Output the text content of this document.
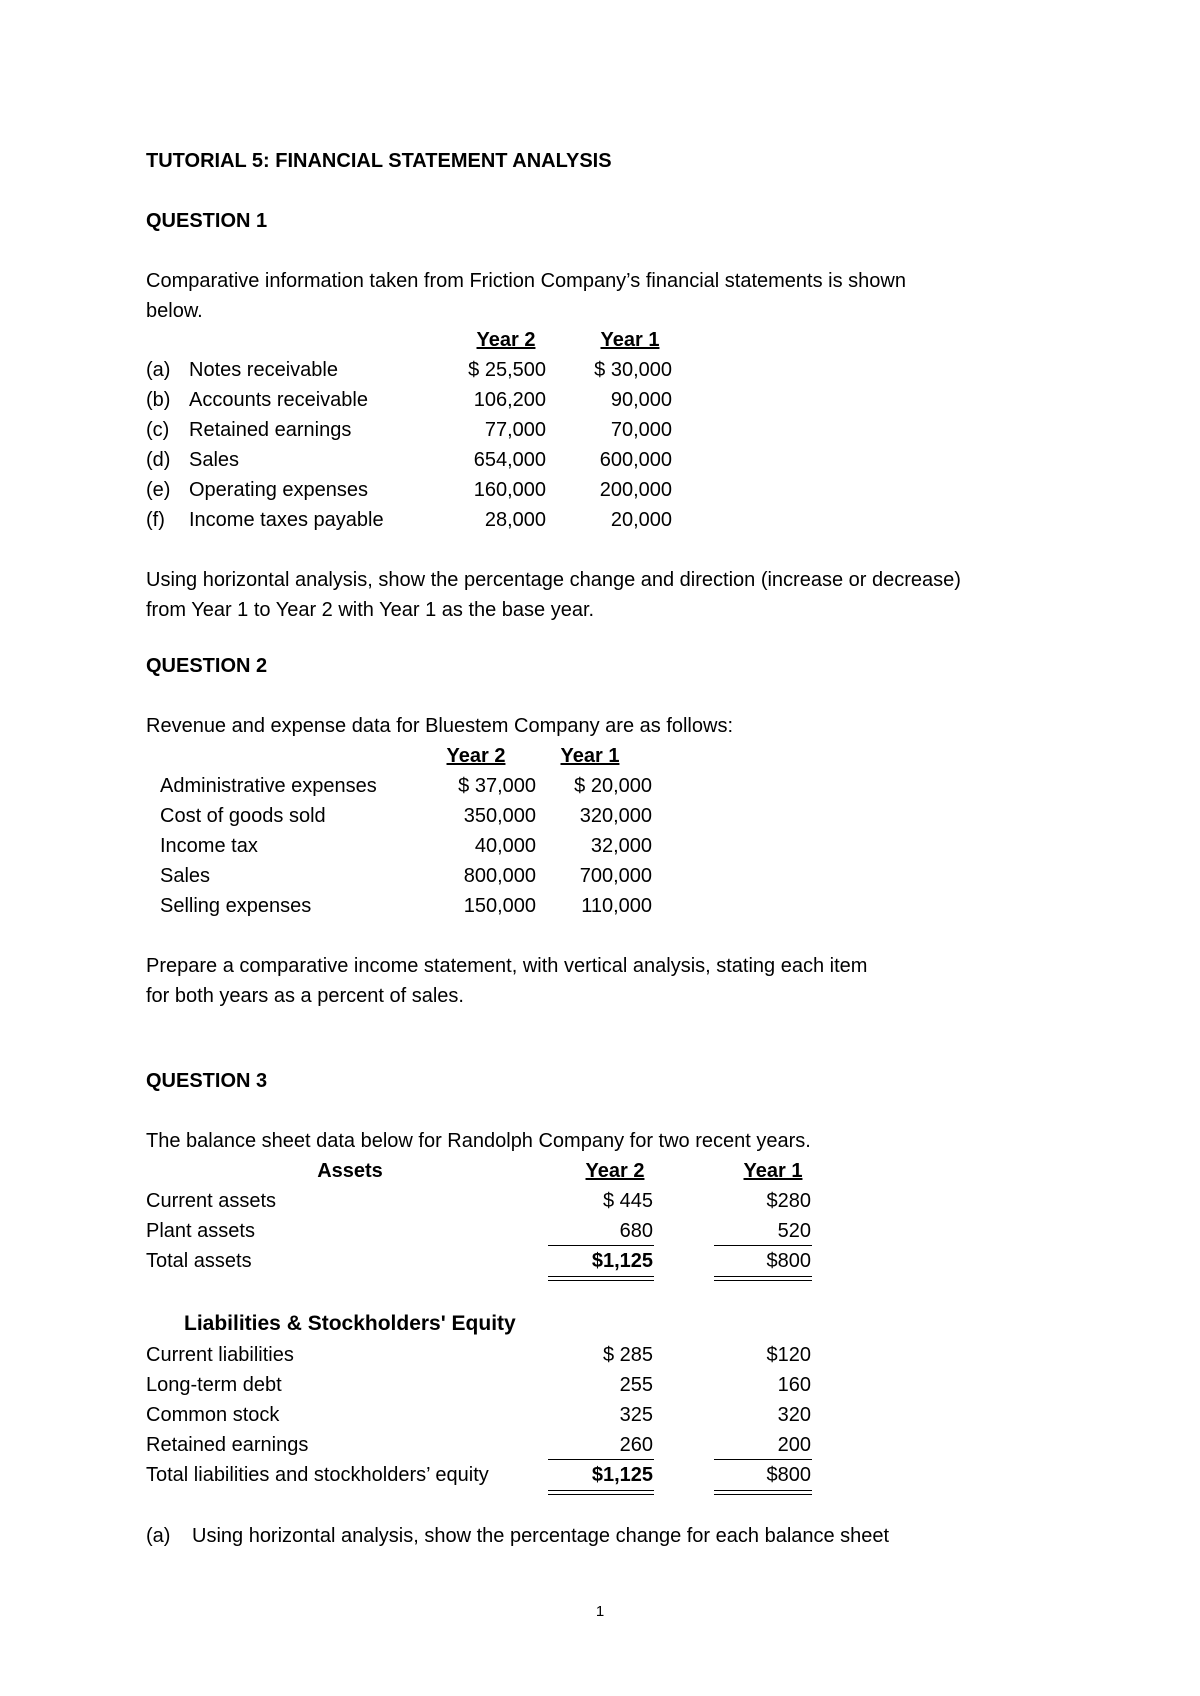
TUTORIAL 5: FINANCIAL STATEMENT ANALYSIS
QUESTION 1
Comparative information taken from Friction Company’s financial statements is shown
below.
Year 2	Year 1
(a) Notes receivable	$ 25,500	$ 30,000
(b) Accounts receivable	106,200	90,000
(c) Retained earnings	77,000	70,000
(d) Sales	654,000	600,000
(e) Operating expenses	160,000	200,000
(f) Income taxes payable	28,000	20,000
Using horizontal analysis, show the percentage change and direction (increase or decrease)
from Year 1 to Year 2 with Year 1 as the base year.
QUESTION 2
Revenue and expense data for Bluestem Company are as follows:
Year 2	Year 1
Administrative expenses	$ 37,000	$ 20,000
Cost of goods sold	350,000	320,000
Income tax	40,000	32,000
Sales	800,000	700,000
Selling expenses	150,000	110,000
Prepare a comparative income statement, with vertical analysis, stating each item
for both years as a percent of sales.
QUESTION 3
The balance sheet data below for Randolph Company for two recent years.
Assets	Year 2	Year 1
Current assets	$ 445	$280
Plant assets	680	520
Total assets	$1,125	$800
Liabilities & Stockholders' Equity
Current liabilities	$ 285	$120
Long-term debt	255	160
Common stock	325	320
Retained earnings	260	200
Total liabilities and stockholders’ equity	$1,125	$800
(a) Using horizontal analysis, show the percentage change for each balance sheet
1
